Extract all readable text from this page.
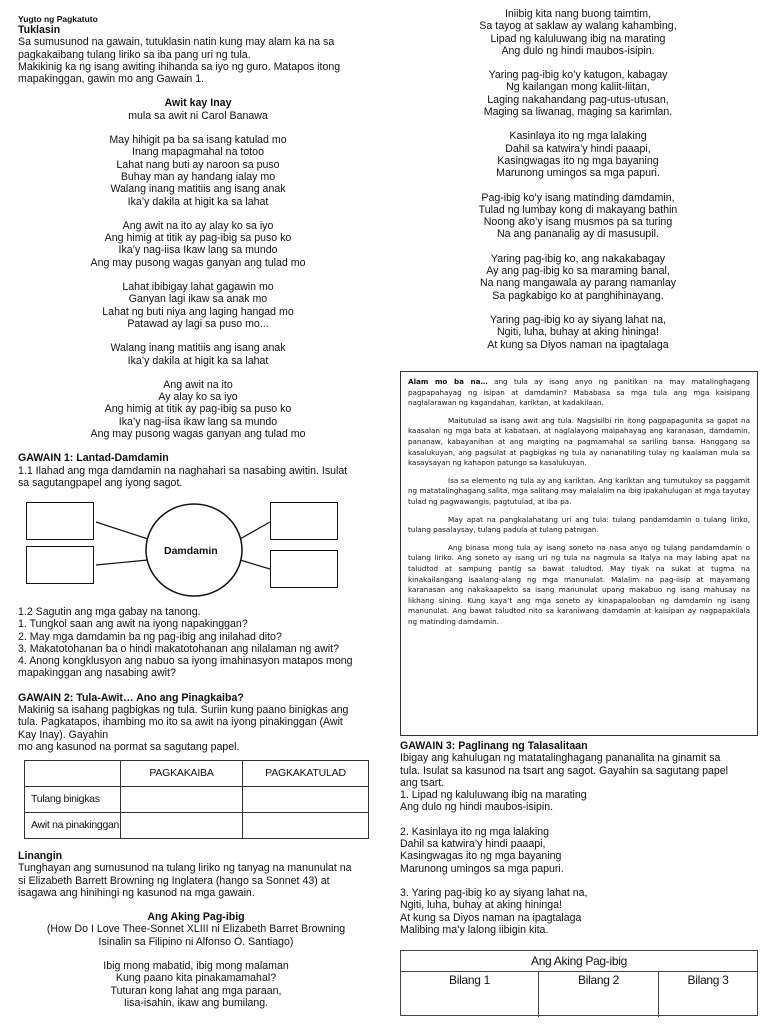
Yugto ng Pagkatuto
Tuklasin
Sa sumusunod na gawain, tutuklasin natin kung may alam ka na sa
pagkakaibang tulang liriko sa iba pang uri ng tula.
Makikinig ka ng isang awiting ihihanda sa iyo ng guro. Matapos itong
mapakinggan, gawin mo ang Gawain 1.
Awit kay Inay
mula sa awit ni Carol Banawa
May hihigit pa ba sa isang katulad mo
Inang mapagmahal na totoo
Lahat nang buti ay naroon sa puso
Buhay man ay handang ialay mo
Walang inang matitiis ang isang anak
Ika’y dakila at higit ka sa lahat
Ang awit na ito ay alay ko sa iyo
Ang himig at titik ay pag-ibig sa puso ko
Ika’y nag-iisa Ikaw lang sa mundo
Ang may pusong wagas ganyan ang tulad mo
Lahat ibibigay lahat gagawin mo
Ganyan lagi ikaw sa anak mo
Lahat ng buti niya ang laging hangad mo
Patawad ay lagi sa puso mo...
Walang inang matitiis ang isang anak
Ika’y dakila at higit ka sa lahat
Ang awit na ito
Ay alay ko sa iyo
Ang himig at titik ay pag-ibig sa puso ko
Ika’y nag-iisa ikaw lang sa mundo
Ang may pusong wagas ganyan ang tulad mo
GAWAIN 1: Lantad-Damdamin
1.1 Ilahad ang mga damdamin na naghahari sa nasabing awitin. Isulat
sa sagutangpapel ang iyong sagot.
Damdamin
1.2 Sagutin ang mga gabay na tanong.
1. Tungkol saan ang awit na iyong napakinggan?
2. May mga damdamin ba ng pag-ibig ang inilahad dito?
3. Makatotohanan ba o hindi makatotohanan ang nilalaman ng awit?
4. Anong kongklusyon ang nabuo sa iyong imahinasyon matapos mong
mapakinggan ang nasabing awit?
GAWAIN 2: Tula-Awit… Ano ang Pinagkaiba?
Makinig sa isahang pagbigkas ng tula. Suriin kung paano binigkas ang
tula. Pagkatapos, ihambing mo ito sa awit na iyong pinakinggan (Awit
Kay Inay). Gayahin
mo ang kasunod na pormat sa sagutang papel.
	PAGKAKAIBA	PAGKAKATULAD
Tulang binigkas		
Awit na pinakinggan		
Linangin
Tunghayan ang sumusunod na tulang liriko ng tanyag na manunulat na
si Elizabeth Barrett Browning ng Inglatera (hango sa Sonnet 43) at
isagawa ang hinihingi ng kasunod na mga gawain.
Ang Aking Pag-ibig
(How Do I Love Thee-Sonnet XLIII ni Elizabeth Barret Browning
Isinalin sa Filipino ni Alfonso O. Santiago)
Ibig mong mabatid, ibig mong malaman
Kung paano kita pinakamamahal?
Tuturan kong lahat ang mga paraan,
Iisa-isahin, ikaw ang bumilang.
Iniibig kita nang buong taimtim,
Sa tayog at saklaw ay walang kahambing,
Lipad ng kaluluwang ibig na marating
Ang dulo ng hindi maubos-isipin.
Yaring pag-ibig ko’y katugon, kabagay
Ng kailangan mong kaliit-liitan,
Laging nakahandang pag-utus-utusan,
Maging sa liwanag, maging sa karimlan.
Kasinlaya ito ng mga lalaking
Dahil sa katwira’y hindi paaapi,
Kasingwagas ito ng mga bayaning
Marunong umingos sa mga papuri.
Pag-ibig ko’y isang matinding damdamin,
Tulad ng lumbay kong di makayang bathin
Noong ako’y isang musmos pa sa turing
Na ang pananalig ay di masusupil.
Yaring pag-ibig ko, ang nakakabagay
Ay ang pag-ibig ko sa maraming banal,
Na nang mangawala ay parang namanlay
Sa pagkabigo ko at panghihinayang.
Yaring pag-ibig ko ay siyang lahat na,
Ngiti, luha, buhay at aking hininga!
At kung sa Diyos naman na ipagtalaga

Alam mo ba na… ang tula ay isang anyo ng panitikan na may matalinghagang pagpapahayag ng isipan at damdamin? Mababasa sa mga tula ang mga kaisipang naglalarawan ng kagandahan, kariktan, at kadakilaan.

Maitutulad sa isang awit ang tula. Nagsisilbi rin itong pagpapagunita sa gapat na kaasalan ng mga bata at kabataan, at naglalayong maipahayag ang karanasan, damdamin, pananaw, kabayanihan at ang maigting na pagmamahal sa sariling bansa. Hanggang sa kasalukuyan, ang pagsulat at pagbigkas ng tula ay nananatiling tulay ng kaalaman mula sa kasaysayan ng kahapon patungo sa kasalukuyan.

Isa sa elemento ng tula ay ang kariktan. Ang kariktan ang tumutukoy sa paggamit ng matatalinghagang salita, mga salitang may malalalim na ibig ipakahulugan at mga tayutay tulad ng pagwawangis, pagtutulad, at iba pa.

May apat na pangkalahatang uri ang tula: tulang pandamdamin o tulang liriko, tulang pasalaysay, tulang padula at tulang patnigan.

Ang binasa mong tula ay isang soneto na nasa anyo ng tulang pandamdamin o tulang liriko. Ang soneto ay isang uri ng tula na nagmula sa Italya na may labing apat na taludtod at sampung pantig sa bawat taludtod. May tiyak na sukat at tugma na kinakailangang isaalang-alang ng mga manunulat. Malalim na pag-iisip at mayamang karanasan ang nakakaapekto sa isang manunulat upang makabuo ng isang mahusay na likhang sining. Kung kaya’t ang mga soneto ay kinapapalooban ng damdamin ng isang manunulat. Ang bawat taludtod nito sa karaniwang damdamin at kaisipan ay nagpapakilala ng matinding damdamin.

GAWAIN 3: Paglinang ng Talasalitaan
Ibigay ang kahulugan ng matatalinghagang pananalita na ginamit sa
tula. Isulat sa kasunod na tsart ang sagot. Gayahin sa sagutang papel
ang tsart.
1. Lipad ng kaluluwang ibig na marating
Ang dulo ng hindi maubos-isipin.
2. Kasinlaya ito ng mga lalaking
Dahil sa katwira’y hindi paaapi,
Kasingwagas ito ng mga bayaning
Marunong umingos sa mga papuri.
3. Yaring pag-ibig ko ay siyang lahat na,
Ngiti, luha, buhay at aking hininga!
At kung sa Diyos naman na ipagtalaga
Malibing ma’y lalong iibigin kita.
Ang Aking Pag-ibig
Bilang 1	Bilang 2	Bilang 3
